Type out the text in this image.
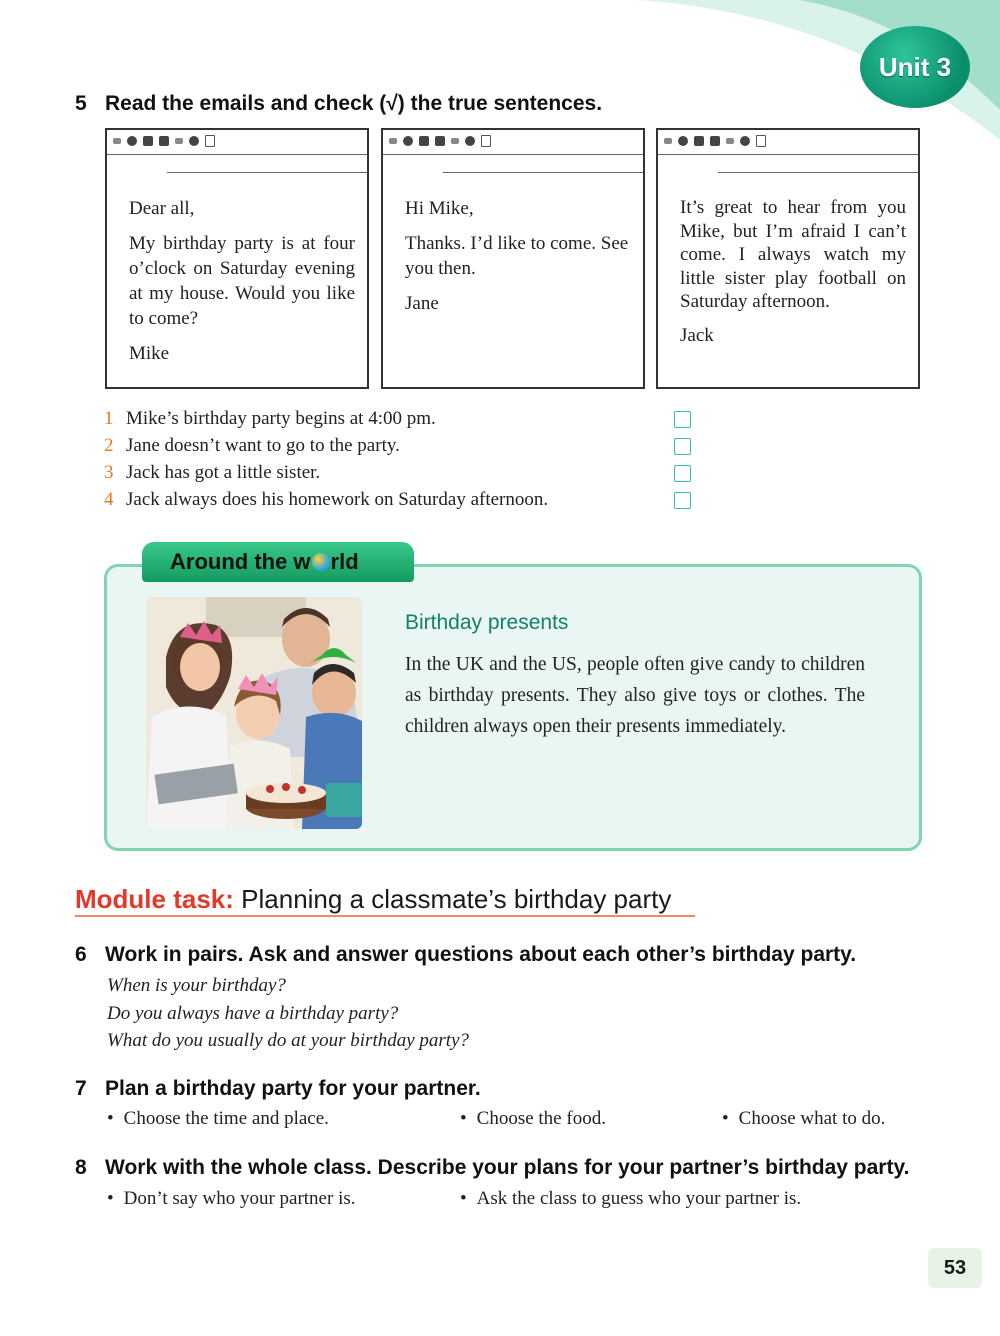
Unit 3
5 Read the emails and check (√) the true sentences.

Dear all,

My birthday party is at four o’clock on Saturday evening at my house. Would you like to come?

Mike

Hi Mike,

Thanks. I’d like to come. See you then.

Jane

It’s great to hear from you Mike, but I’m afraid I can’t come. I always watch my little sister play football on Saturday afternoon.

Jack

1 Mike’s birthday party begins at 4:00 pm.
2 Jane doesn’t want to go to the party.
3 Jack has got a little sister.
4 Jack always does his homework on Saturday afternoon.
Around the w rld
Birthday presents
In the UK and the US, people often give candy to children as birthday presents. They also give toys or clothes. The children always open their presents immediately.
Module task: Planning a classmate’s birthday party
6 Work in pairs. Ask and answer questions about each other’s birthday party.
When is your birthday?
Do you always have a birthday party?
What do you usually do at your birthday party?
7 Plan a birthday party for your partner.
• Choose the time and place.	• Choose the food.	• Choose what to do.
8 Work with the whole class. Describe your plans for your partner’s birthday party.
• Don’t say who your partner is.	• Ask the class to guess who your partner is.
53
